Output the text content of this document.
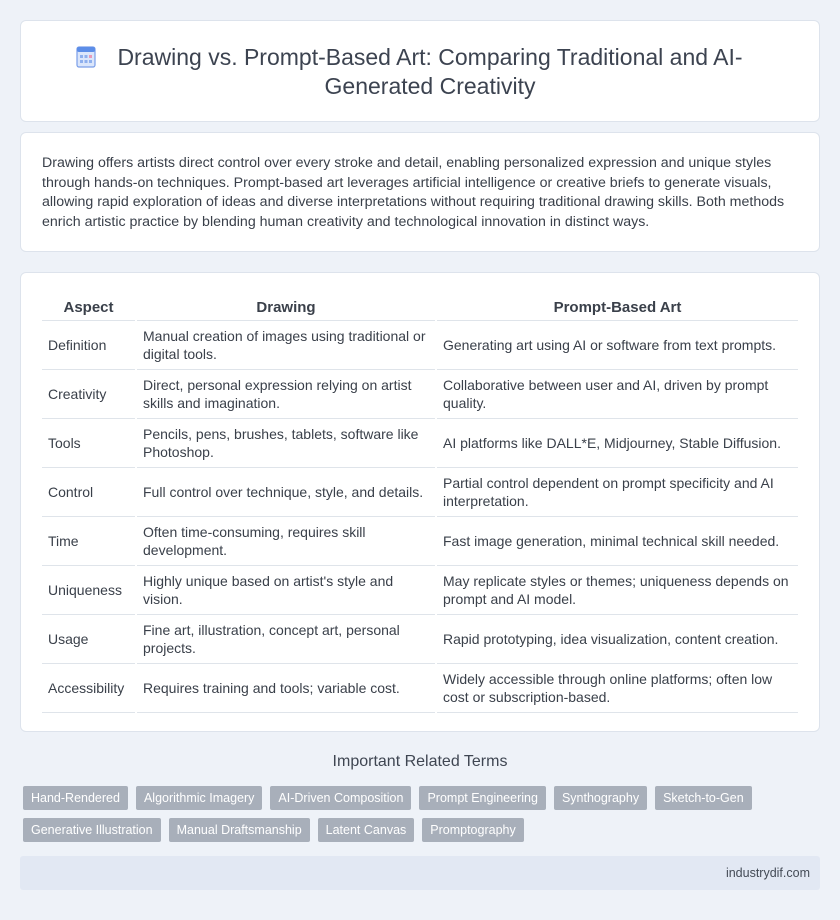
Drawing vs. Prompt-Based Art: Comparing Traditional and AI-Generated Creativity

Drawing offers artists direct control over every stroke and detail, enabling personalized expression and unique styles through hands-on techniques. Prompt-based art leverages artificial intelligence or creative briefs to generate visuals, allowing rapid exploration of ideas and diverse interpretations without requiring traditional drawing skills. Both methods enrich artistic practice by blending human creativity and technological innovation in distinct ways.

Aspect	Drawing	Prompt-Based Art
Definition	Manual creation of images using traditional or digital tools.	Generating art using AI or software from text prompts.
Creativity	Direct, personal expression relying on artist skills and imagination.	Collaborative between user and AI, driven by prompt quality.
Tools	Pencils, pens, brushes, tablets, software like Photoshop.	AI platforms like DALL*E, Midjourney, Stable Diffusion.
Control	Full control over technique, style, and details.	Partial control dependent on prompt specificity and AI interpretation.
Time	Often time-consuming, requires skill development.	Fast image generation, minimal technical skill needed.
Uniqueness	Highly unique based on artist's style and vision.	May replicate styles or themes; uniqueness depends on prompt and AI model.
Usage	Fine art, illustration, concept art, personal projects.	Rapid prototyping, idea visualization, content creation.
Accessibility	Requires training and tools; variable cost.	Widely accessible through online platforms; often low cost or subscription-based.
Important Related Terms
Hand-Rendered	Algorithmic Imagery	AI-Driven Composition	Prompt Engineering	Synthography	Sketch-to-Gen
Generative Illustration	Manual Draftsmanship	Latent Canvas	Promptography
industrydif.com
